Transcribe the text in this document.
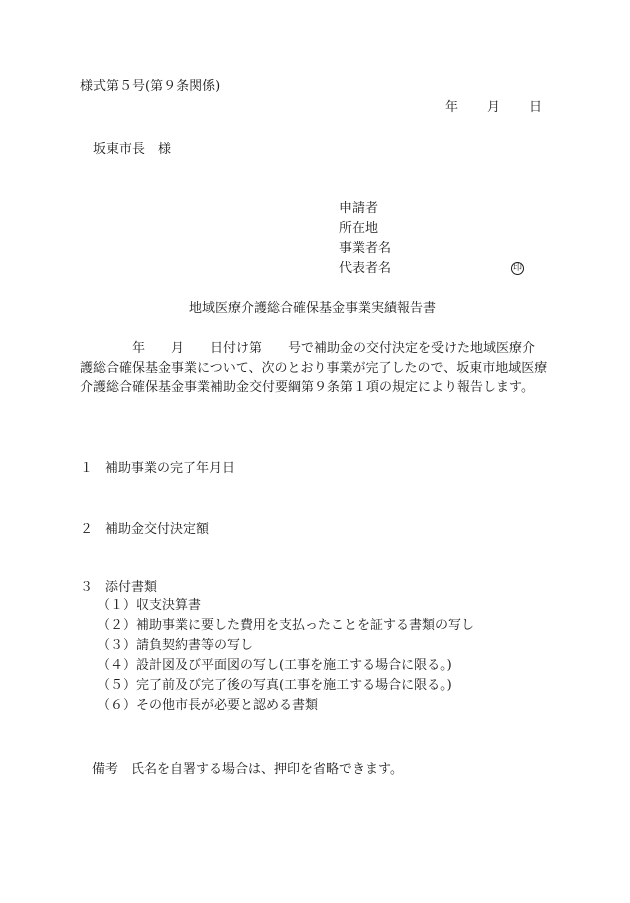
様式第５号(第９条関係)
年 月 日
坂東市長　様
申請者
所在地
事業者名
代表者名	印
地域医療介護総合確保基金事業実績報告書
年　　月　　日付け第　　号で補助金の交付決定を受けた地域医療介
護総合確保基金事業について、次のとおり事業が完了したので、坂東市地域医療
介護総合確保基金事業補助金交付要綱第９条第１項の規定により報告します。
１ 補助事業の完了年月日
２ 補助金交付決定額
３ 添付書類
（１）収支決算書
（２）補助事業に要した費用を支払ったことを証する書類の写し
（３）請負契約書等の写し
（４）設計図及び平面図の写し(工事を施工する場合に限る。)
（５）完了前及び完了後の写真(工事を施工する場合に限る。)
（６）その他市長が必要と認める書類
備考　氏名を自署する場合は、押印を省略できます。
